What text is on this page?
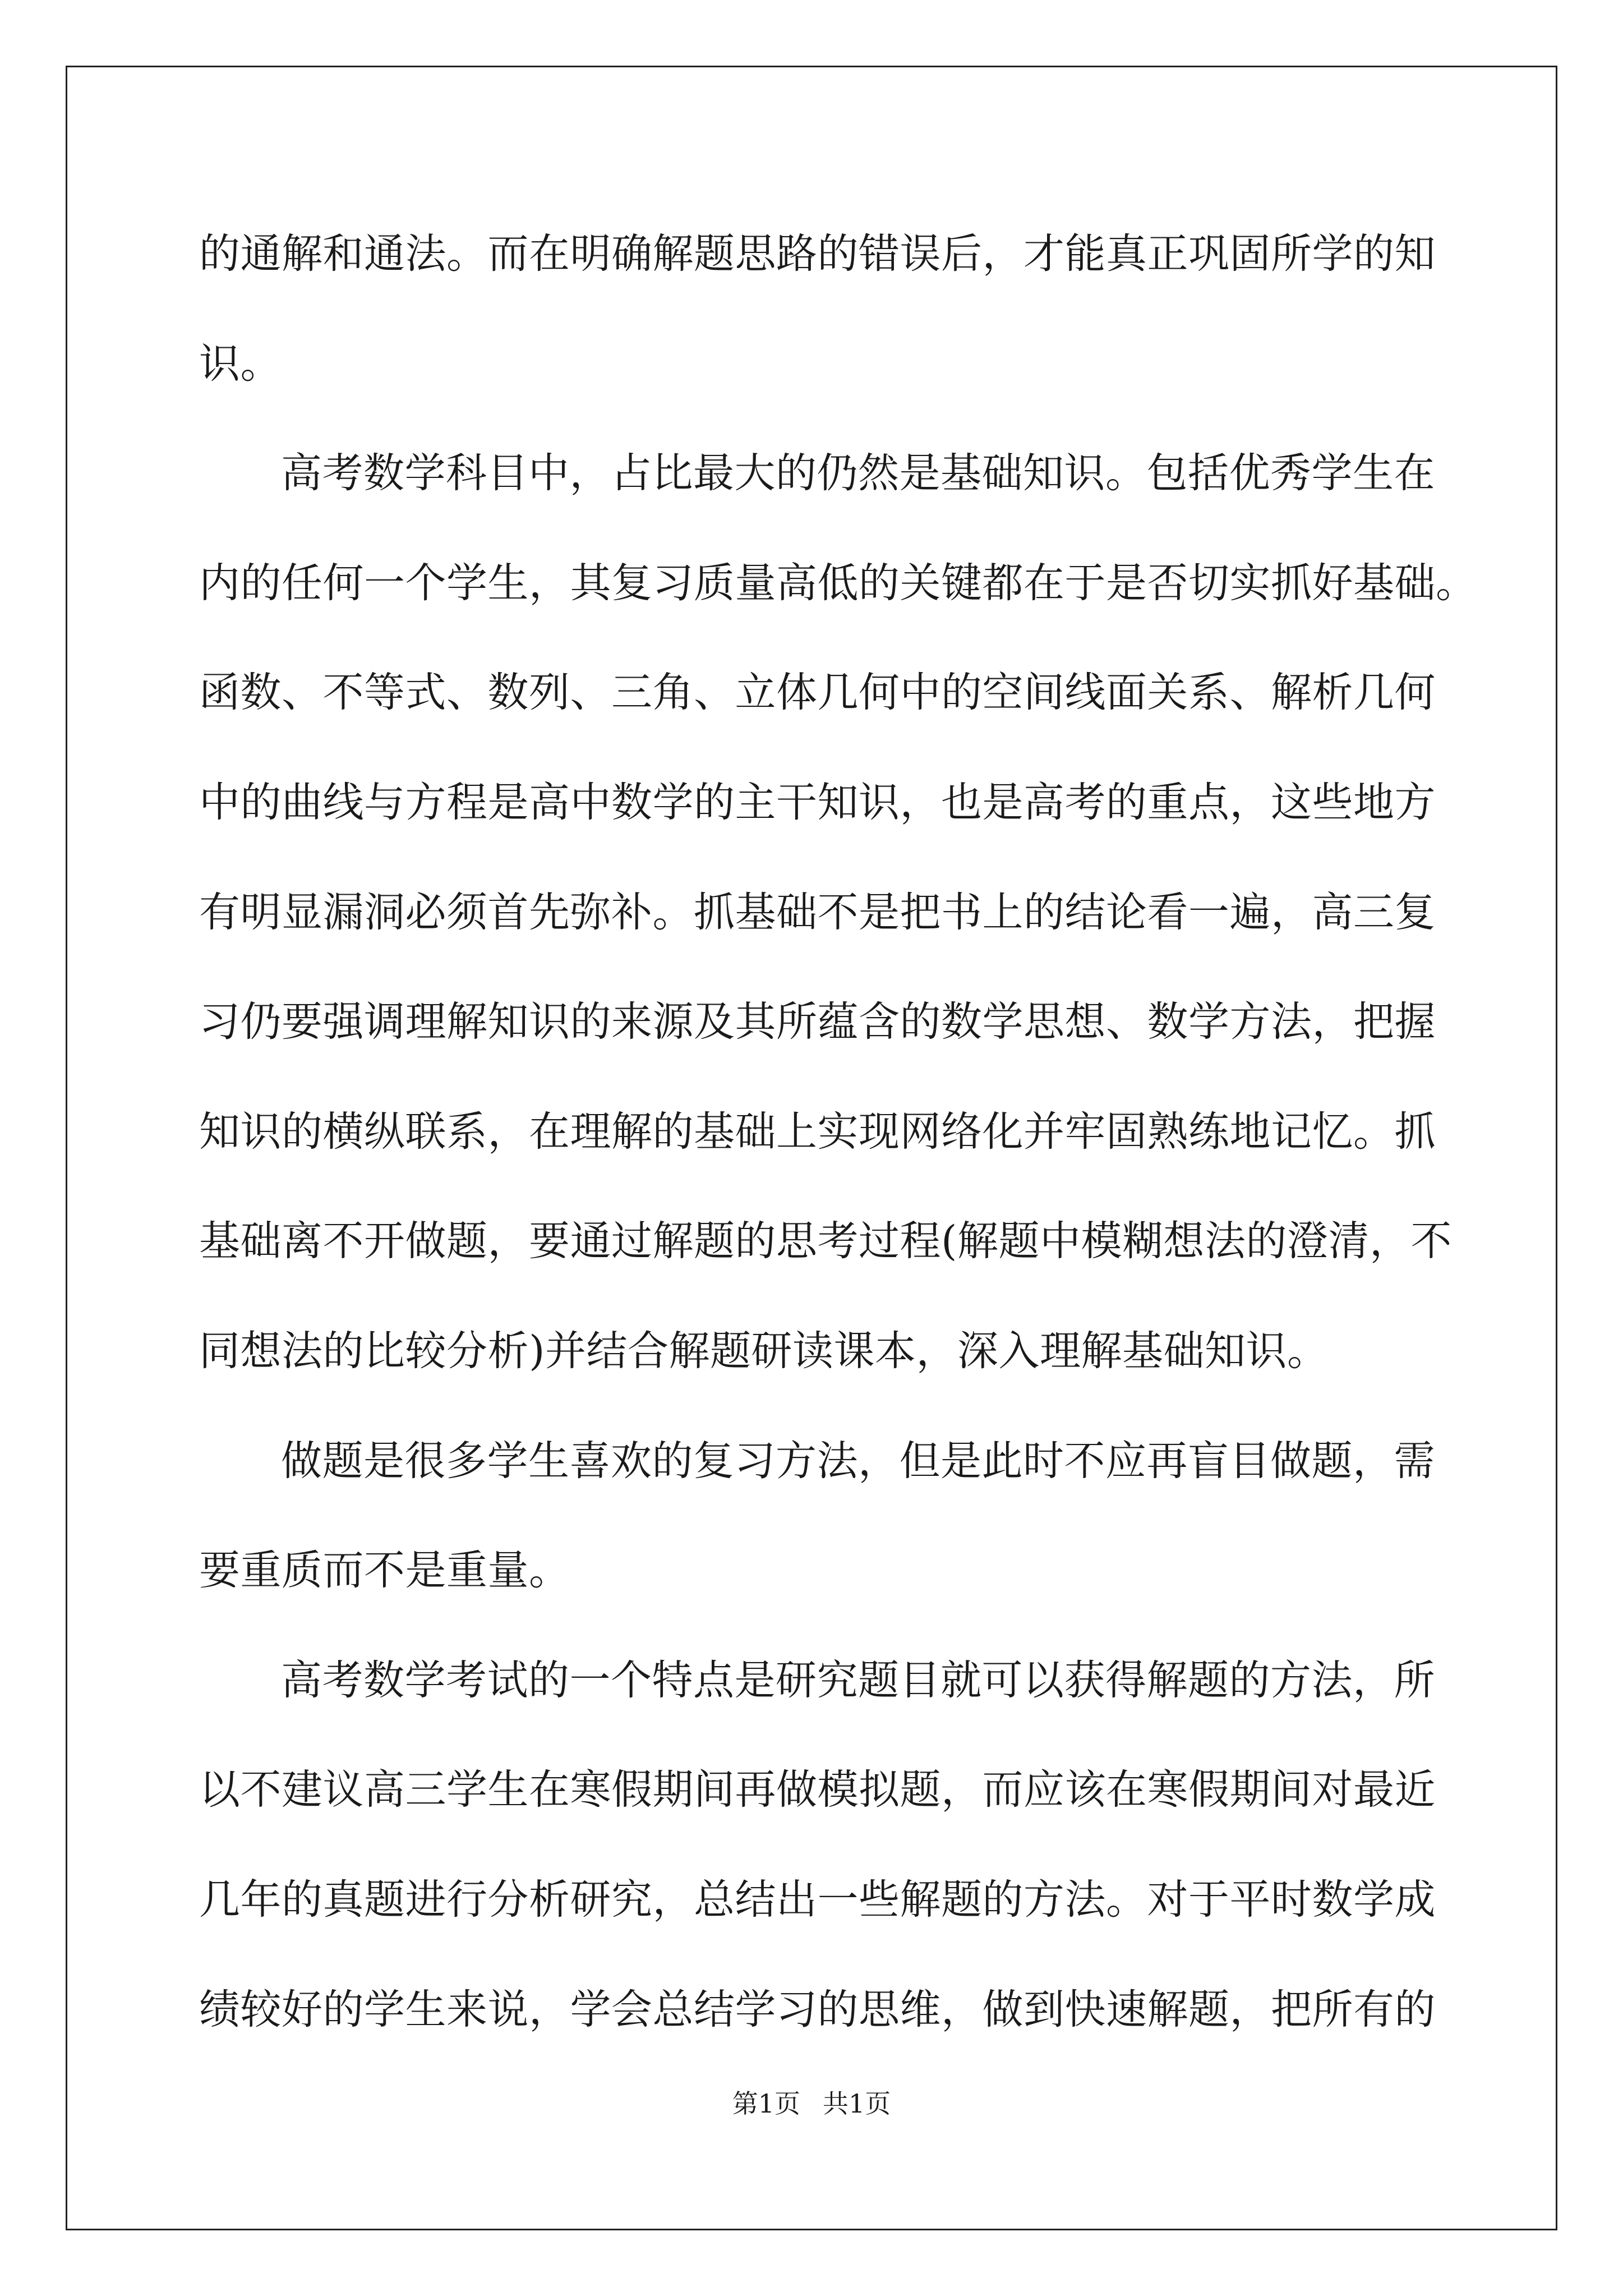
的通解和通法。而在明确解题思路的错误后，才能真正巩固所学的知
识。

高考数学科目中，占比最大的仍然是基础知识。包括优秀学生在
内的任何一个学生，其复习质量高低的关键都在于是否切实抓好基础。
函数、不等式、数列、三角、立体几何中的空间线面关系、解析几何
中的曲线与方程是高中数学的主干知识，也是高考的重点，这些地方
有明显漏洞必须首先弥补。抓基础不是把书上的结论看一遍，高三复
习仍要强调理解知识的来源及其所蕴含的数学思想、数学方法，把握
知识的横纵联系，在理解的基础上实现网络化并牢固熟练地记忆。抓
基础离不开做题，要通过解题的思考过程(解题中模糊想法的澄清，不
同想法的比较分析)并结合解题研读课本，深入理解基础知识。

做题是很多学生喜欢的复习方法，但是此时不应再盲目做题，需
要重质而不是重量。

高考数学考试的一个特点是研究题目就可以获得解题的方法，所
以不建议高三学生在寒假期间再做模拟题，而应该在寒假期间对最近
几年的真题进行分析研究，总结出一些解题的方法。对于平时数学成
绩较好的学生来说，学会总结学习的思维，做到快速解题，把所有的

第1页 共1页
